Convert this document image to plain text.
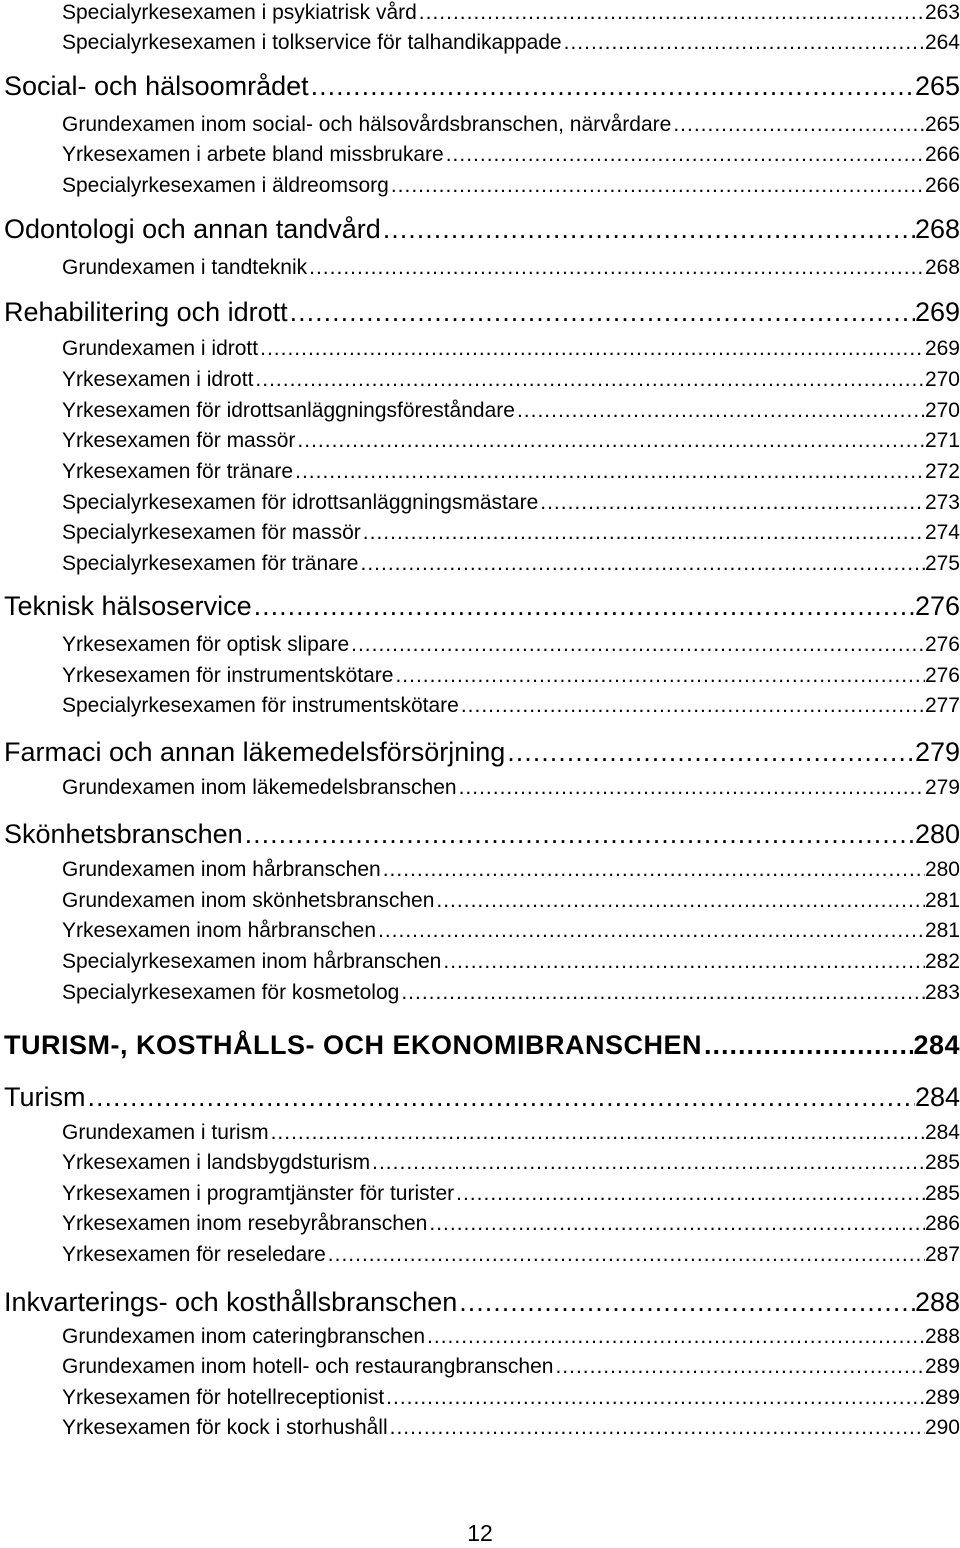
Specialyrkesexamen i psykiatrisk vård .....	263
Specialyrkesexamen i tolkservice för talhandikappade .....	264
Social- och hälsoområdet .....	265
Grundexamen inom social- och hälsovårdsbranschen, närvårdare .....	265
Yrkesexamen i arbete bland missbrukare .....	266
Specialyrkesexamen i äldreomsorg .....	266
Odontologi och annan tandvård .....	268
Grundexamen i tandteknik .....	268
Rehabilitering och idrott .....	269
Grundexamen i idrott .....	269
Yrkesexamen i idrott .....	270
Yrkesexamen för idrottsanläggningsföreståndare .....	270
Yrkesexamen för massör .....	271
Yrkesexamen för tränare .....	272
Specialyrkesexamen för idrottsanläggningsmästare .....	273
Specialyrkesexamen för massör .....	274
Specialyrkesexamen för tränare .....	275
Teknisk hälsoservice .....	276
Yrkesexamen för optisk slipare .....	276
Yrkesexamen för instrumentskötare .....	276
Specialyrkesexamen för instrumentskötare .....	277
Farmaci och annan läkemedelsförsörjning .....	279
Grundexamen inom läkemedelsbranschen .....	279
Skönhetsbranschen .....	280
Grundexamen inom hårbranschen .....	280
Grundexamen inom skönhetsbranschen .....	281
Yrkesexamen inom hårbranschen .....	281
Specialyrkesexamen inom hårbranschen .....	282
Specialyrkesexamen för kosmetolog .....	283
TURISM-, KOSTHÅLLS- OCH EKONOMIBRANSCHEN .....	284
Turism .....	284
Grundexamen i turism .....	284
Yrkesexamen i landsbygdsturism .....	285
Yrkesexamen i programtjänster för turister .....	285
Yrkesexamen inom resebyråbranschen .....	286
Yrkesexamen för reseledare .....	287
Inkvarterings- och kosthållsbranschen .....	288
Grundexamen inom cateringbranschen .....	288
Grundexamen inom hotell- och restaurangbranschen .....	289
Yrkesexamen för hotellreceptionist .....	289
Yrkesexamen för kock i storhushåll .....	290
12
